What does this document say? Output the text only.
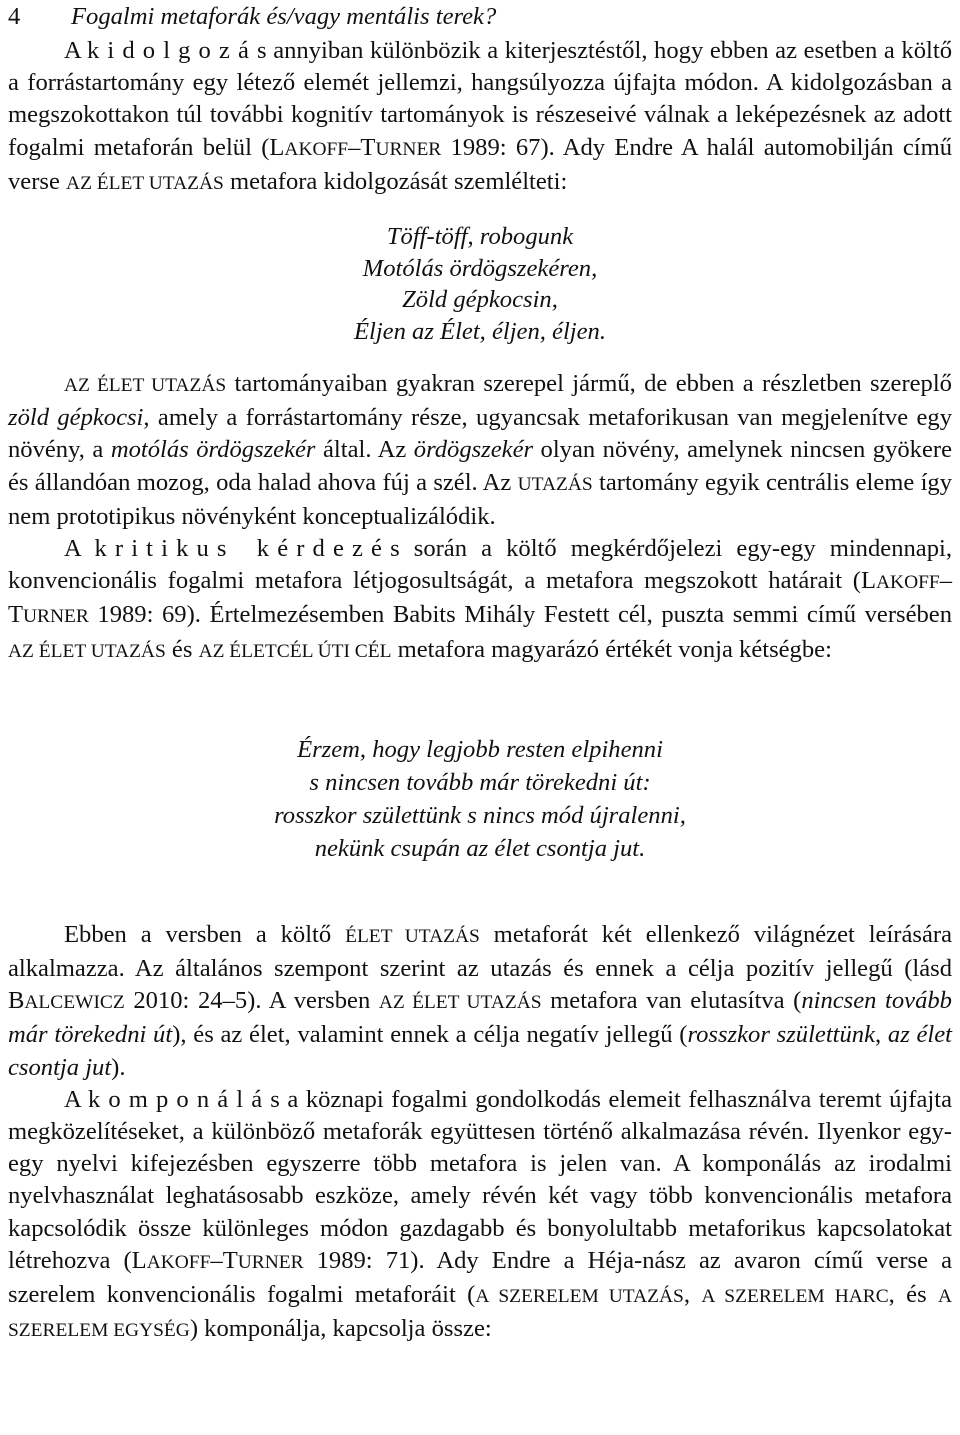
4 Fogalmi metaforák és/vagy mentális terek?

A kidolgozás annyiban különbözik a kiterjesztéstől, hogy ebben az esetben a költő a forrástartomány egy létező elemét jellemzi, hangsúlyozza újfajta módon. A kidolgozásban a megszokottakon túl további kognitív tartományok is részeseivé válnak a leképezésnek az adott fogalmi metaforán belül (LAKOFF–TURNER 1989: 67). Ady Endre A halál automobilján című verse AZ ÉLET UTAZÁS metafora kidolgozását szemlélteti:

Töff-töff, robogunk
Motólás ördögszekéren,
Zöld gépkocsin,
Éljen az Élet, éljen, éljen.

AZ ÉLET UTAZÁS tartományaiban gyakran szerepel jármű, de ebben a részletben szereplő zöld gépkocsi, amely a forrástartomány része, ugyancsak metaforikusan van megjelenítve egy növény, a motólás ördögszekér által. Az ördögszekér olyan növény, amelynek nincsen gyökere és állandóan mozog, oda halad ahova fúj a szél. Az UTAZÁS tartomány egyik centrális eleme így nem prototipikus növényként konceptualizálódik.

A kritikus kérdezés során a költő megkérdőjelezi egy-egy mindennapi, konvencionális fogalmi metafora létjogosultságát, a metafora megszokott határait (LAKOFF–TURNER 1989: 69). Értelmezésemben Babits Mihály Festett cél, puszta semmi című versében AZ ÉLET UTAZÁS és AZ ÉLETCÉL ÚTI CÉL metafora magyarázó értékét vonja kétségbe:

Érzem, hogy legjobb resten elpihenni
s nincsen tovább már törekedni út:
rosszkor születtünk s nincs mód újralenni,
nekünk csupán az élet csontja jut.

Ebben a versben a költő ÉLET UTAZÁS metaforát két ellenkező világnézet leírására alkalmazza. Az általános szempont szerint az utazás és ennek a célja pozitív jellegű (lásd BALCEWICZ 2010: 24–5). A versben AZ ÉLET UTAZÁS metafora van elutasítva (nincsen tovább már törekedni út), és az élet, valamint ennek a célja negatív jellegű (rosszkor születtünk, az élet csontja jut).

A komponálás a köznapi fogalmi gondolkodás elemeit felhasználva teremt újfajta megközelítéseket, a különböző metaforák együttesen történő alkalmazása révén. Ilyenkor egy-egy nyelvi kifejezésben egyszerre több metafora is jelen van. A komponálás az irodalmi nyelvhasználat leghatásosabb eszköze, amely révén két vagy több konvencionális metafora kapcsolódik össze különleges módon gazdagabb és bonyolultabb metaforikus kapcsolatokat létrehozva (LAKOFF–TURNER 1989: 71). Ady Endre a Héja-nász az avaron című verse a szerelem konvencionális fogalmi metaforáit (A SZERELEM UTAZÁS, A SZERELEM HARC, és A SZERELEM EGYSÉG) komponálja, kapcsolja össze:
